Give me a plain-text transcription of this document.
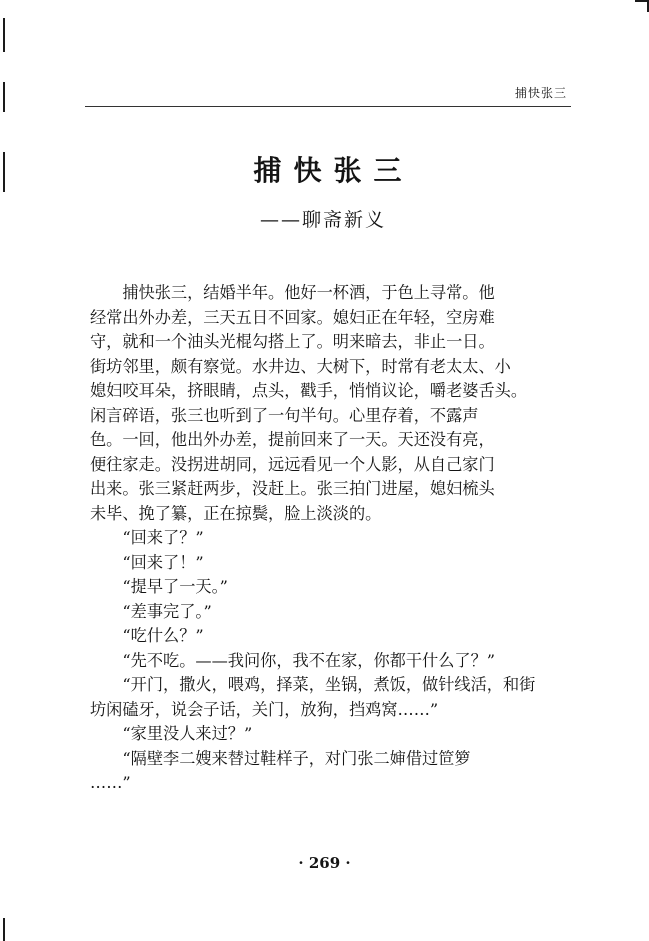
捕快张三
捕快张三
——聊斋新义
　　捕快张三，结婚半年。他好一杯酒，于色上寻常。他
经常出外办差，三天五日不回家。媳妇正在年轻，空房难
守，就和一个油头光棍勾搭上了。明来暗去，非止一日。
街坊邻里，颇有察觉。水井边、大树下，时常有老太太、小
媳妇咬耳朵，挤眼睛，点头，戳手，悄悄议论，嚼老婆舌头。
闲言碎语，张三也听到了一句半句。心里存着，不露声
色。一回，他出外办差，提前回来了一天。天还没有亮，
便往家走。没拐进胡同，远远看见一个人影，从自己家门
出来。张三紧赶两步，没赶上。张三拍门进屋，媳妇梳头
未毕、挽了纂，正在掠鬓，脸上淡淡的。
　　“回来了？”
　　“回来了！”
　　“提早了一天。”
　　“差事完了。”
　　“吃什么？”
　　“先不吃。——我问你，我不在家，你都干什么了？”
　　“开门，撒火，喂鸡，择菜，坐锅，煮饭，做针线活，和街
坊闲磕牙，说会子话，关门，放狗，挡鸡窝……”
　　“家里没人来过？”
　　“隔壁李二嫂来替过鞋样子，对门张二婶借过笸箩
……”
· 269 ·
